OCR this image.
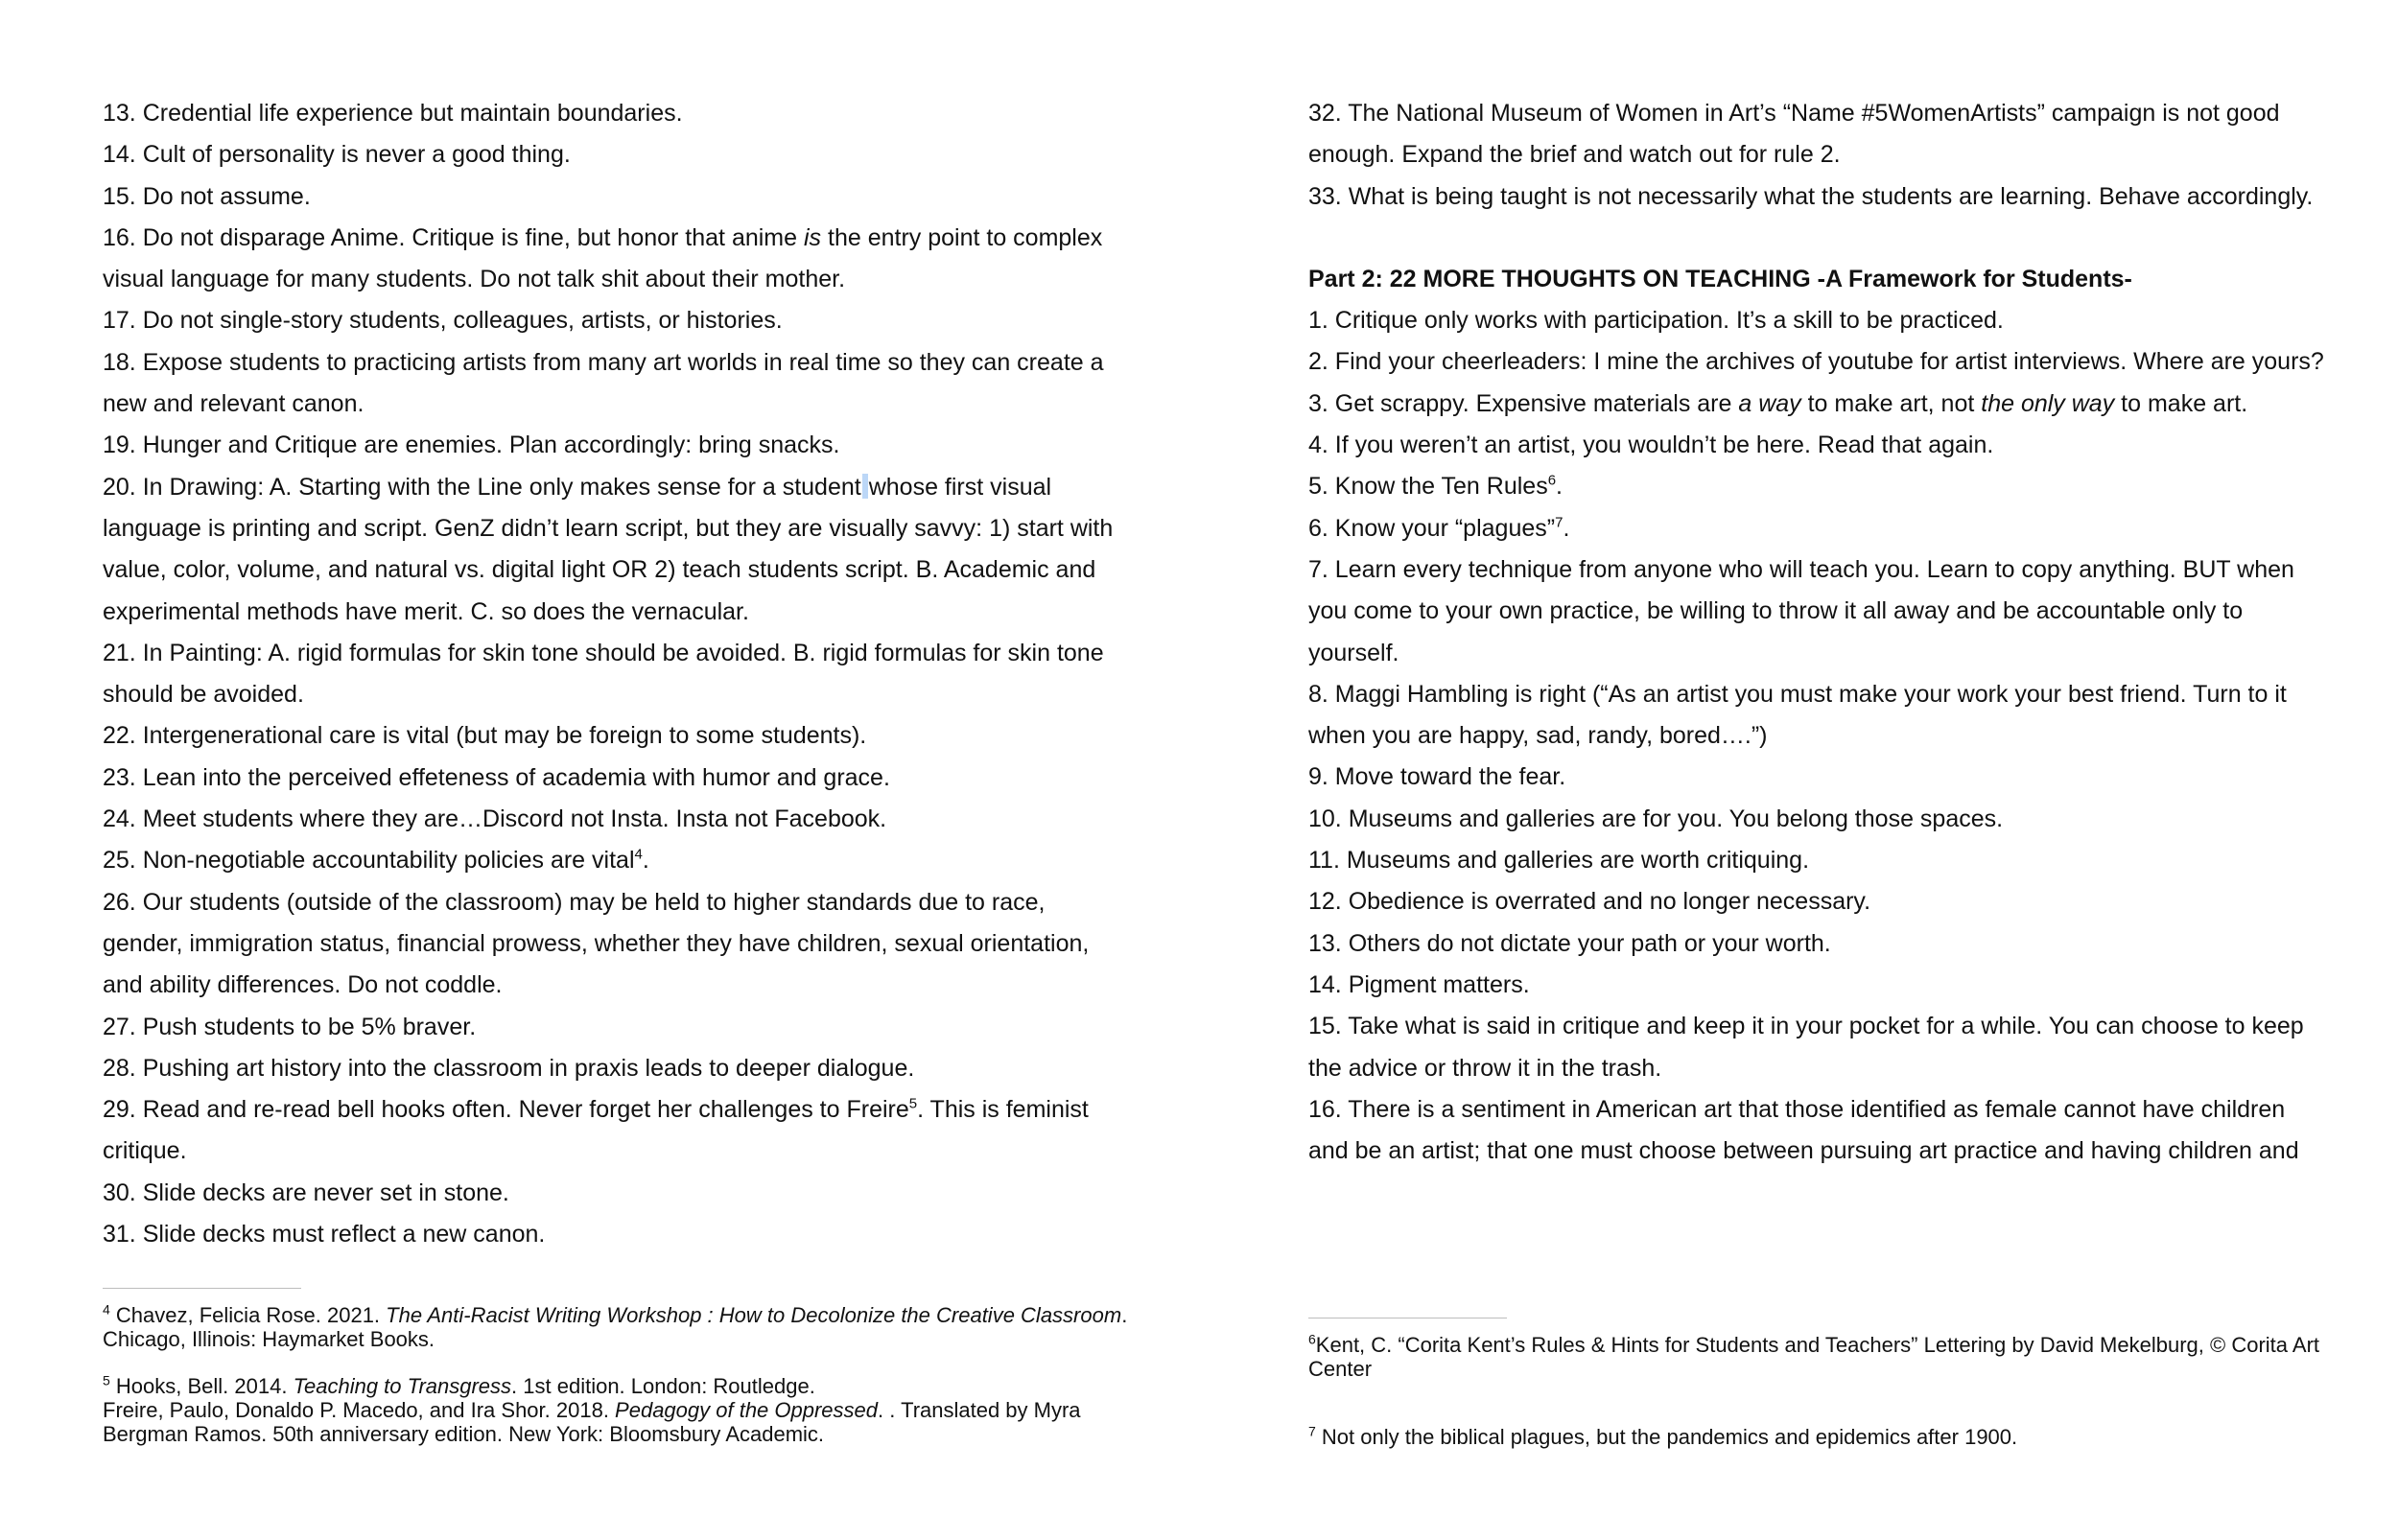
13. Credential life experience but maintain boundaries.

14. Cult of personality is never a good thing.

15. Do not assume.

16. Do not disparage Anime. Critique is fine, but honor that anime is the entry point to complex visual language for many students. Do not talk shit about their mother.

17. Do not single-story students, colleagues, artists, or histories.

18. Expose students to practicing artists from many art worlds in real time so they can create a new and relevant canon.

19. Hunger and Critique are enemies. Plan accordingly: bring snacks.

20. In Drawing: A. Starting with the Line only makes sense for a student whose first visual language is printing and script. GenZ didn’t learn script, but they are visually savvy: 1) start with value, color, volume, and natural vs. digital light OR 2) teach students script. B. Academic and experimental methods have merit. C. so does the vernacular.

21. In Painting: A. rigid formulas for skin tone should be avoided. B. rigid formulas for skin tone should be avoided.

22. Intergenerational care is vital (but may be foreign to some students).

23. Lean into the perceived effeteness of academia with humor and grace.

24. Meet students where they are…Discord not Insta. Insta not Facebook.

25. Non-negotiable accountability policies are vital$^4$.

26. Our students (outside of the classroom) may be held to higher standards due to race, gender, immigration status, financial prowess, whether they have children, sexual orientation, and ability differences. Do not coddle.

27. Push students to be 5% braver.

28. Pushing art history into the classroom in praxis leads to deeper dialogue.

29. Read and re-read bell hooks often. Never forget her challenges to Freire$^5$. This is feminist critique.

30. Slide decks are never set in stone.

31. Slide decks must reflect a new canon.

$^4$ Chavez, Felicia Rose. 2021. The Anti-Racist Writing Workshop : How to Decolonize the Creative Classroom. Chicago, Illinois: Haymarket Books.

$^5$ Hooks, Bell. 2014. Teaching to Transgress. 1st edition. London: Routledge.

Freire, Paulo, Donaldo P. Macedo, and Ira Shor. 2018. Pedagogy of the Oppressed. . Translated by Myra Bergman Ramos. 50th anniversary edition. New York: Bloomsbury Academic.

32. The National Museum of Women in Art’s “Name #5WomenArtists” campaign is not good enough. Expand the brief and watch out for rule 2.

33. What is being taught is not necessarily what the students are learning. Behave accordingly.

Part 2: 22 MORE THOUGHTS ON TEACHING -A Framework for Students-

1. Critique only works with participation. It’s a skill to be practiced.

2. Find your cheerleaders: I mine the archives of youtube for artist interviews. Where are yours?

3. Get scrappy. Expensive materials are a way to make art, not the only way to make art.

4. If you weren’t an artist, you wouldn’t be here. Read that again.

5. Know the Ten Rules$^6$.

6. Know your “plagues”$^7$.

7. Learn every technique from anyone who will teach you. Learn to copy anything. BUT when you come to your own practice, be willing to throw it all away and be accountable only to yourself.

8. Maggi Hambling is right (“As an artist you must make your work your best friend. Turn to it when you are happy, sad, randy, bored….”)

9. Move toward the fear.

10. Museums and galleries are for you. You belong those spaces.

11. Museums and galleries are worth critiquing.

12. Obedience is overrated and no longer necessary.

13. Others do not dictate your path or your worth.

14. Pigment matters.

15. Take what is said in critique and keep it in your pocket for a while. You can choose to keep the advice or throw it in the trash.

16. There is a sentiment in American art that those identified as female cannot have children and be an artist; that one must choose between pursuing art practice and having children and

$^6$Kent, C. “Corita Kent’s Rules & Hints for Students and Teachers” Lettering by David Mekelburg, © Corita Art Center

$^7$ Not only the biblical plagues, but the pandemics and epidemics after 1900.
